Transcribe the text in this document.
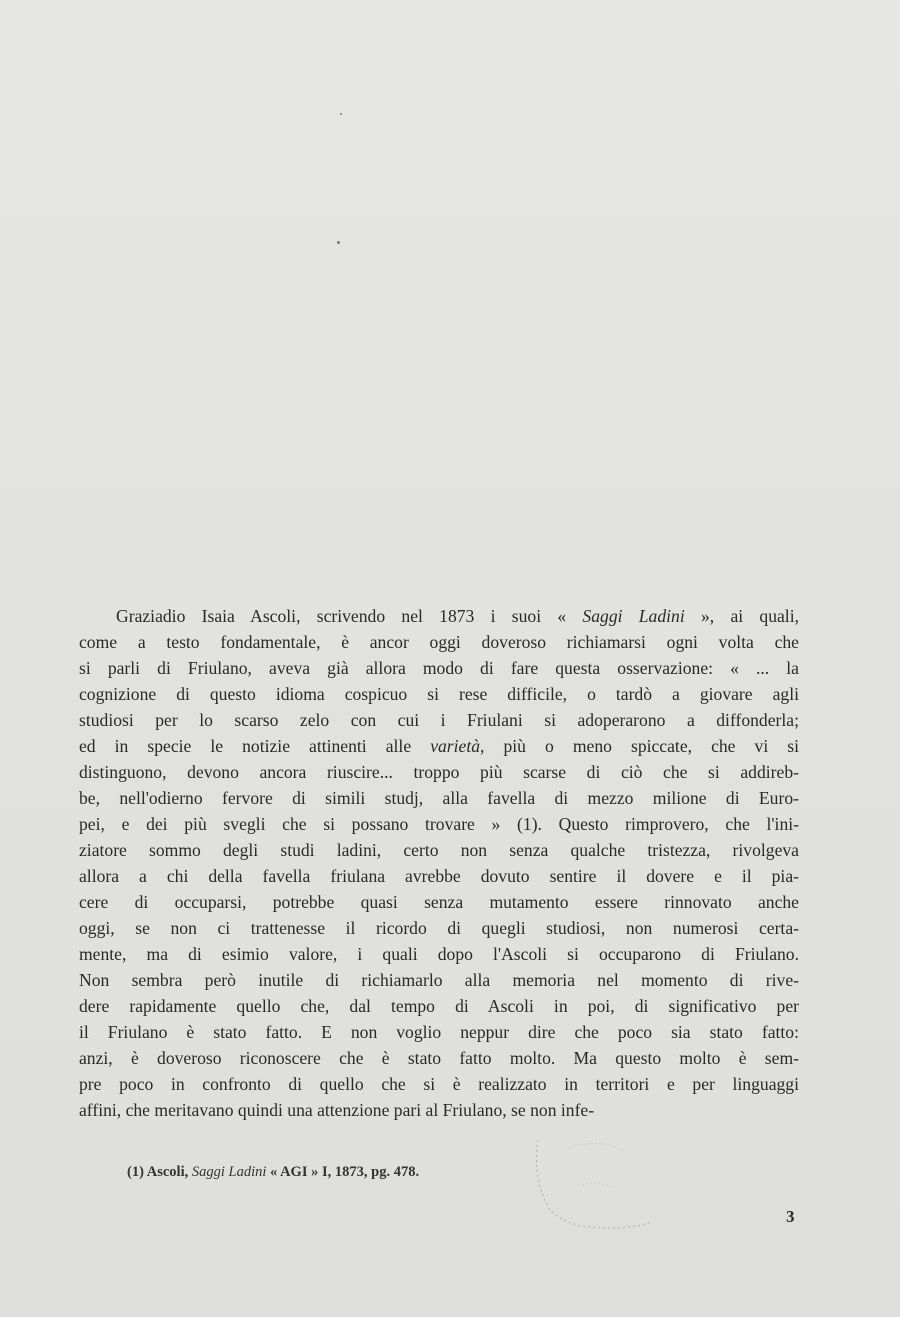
Graziadio Isaia Ascoli, scrivendo nel 1873 i suoi « Saggi Ladini », ai quali,
come a testo fondamentale, è ancor oggi doveroso richiamarsi ogni volta che
si parli di Friulano, aveva già allora modo di fare questa osservazione: « ... la
cognizione di questo idioma cospicuo si rese difficile, o tardò a giovare agli
studiosi per lo scarso zelo con cui i Friulani si adoperarono a diffonderla;
ed in specie le notizie attinenti alle varietà, più o meno spiccate, che vi si
distinguono, devono ancora riuscire... troppo più scarse di ciò che si addireb-
be, nell'odierno fervore di simili studj, alla favella di mezzo milione di Euro-
pei, e dei più svegli che si possano trovare » (1). Questo rimprovero, che l'ini-
ziatore sommo degli studi ladini, certo non senza qualche tristezza, rivolgeva
allora a chi della favella friulana avrebbe dovuto sentire il dovere e il pia-
cere di occuparsi, potrebbe quasi senza mutamento essere rinnovato anche
oggi, se non ci trattenesse il ricordo di quegli studiosi, non numerosi certa-
mente, ma di esimio valore, i quali dopo l'Ascoli si occuparono di Friulano.
Non sembra però inutile di richiamarlo alla memoria nel momento di rive-
dere rapidamente quello che, dal tempo di Ascoli in poi, di significativo per
il Friulano è stato fatto. E non voglio neppur dire che poco sia stato fatto:
anzi, è doveroso riconoscere che è stato fatto molto. Ma questo molto è sem-
pre poco in confronto di quello che si è realizzato in territori e per linguaggi
affini, che meritavano quindi una attenzione pari al Friulano, se non infe-
(1) Ascoli, Saggi Ladini « AGI » I, 1873, pg. 478.
3
